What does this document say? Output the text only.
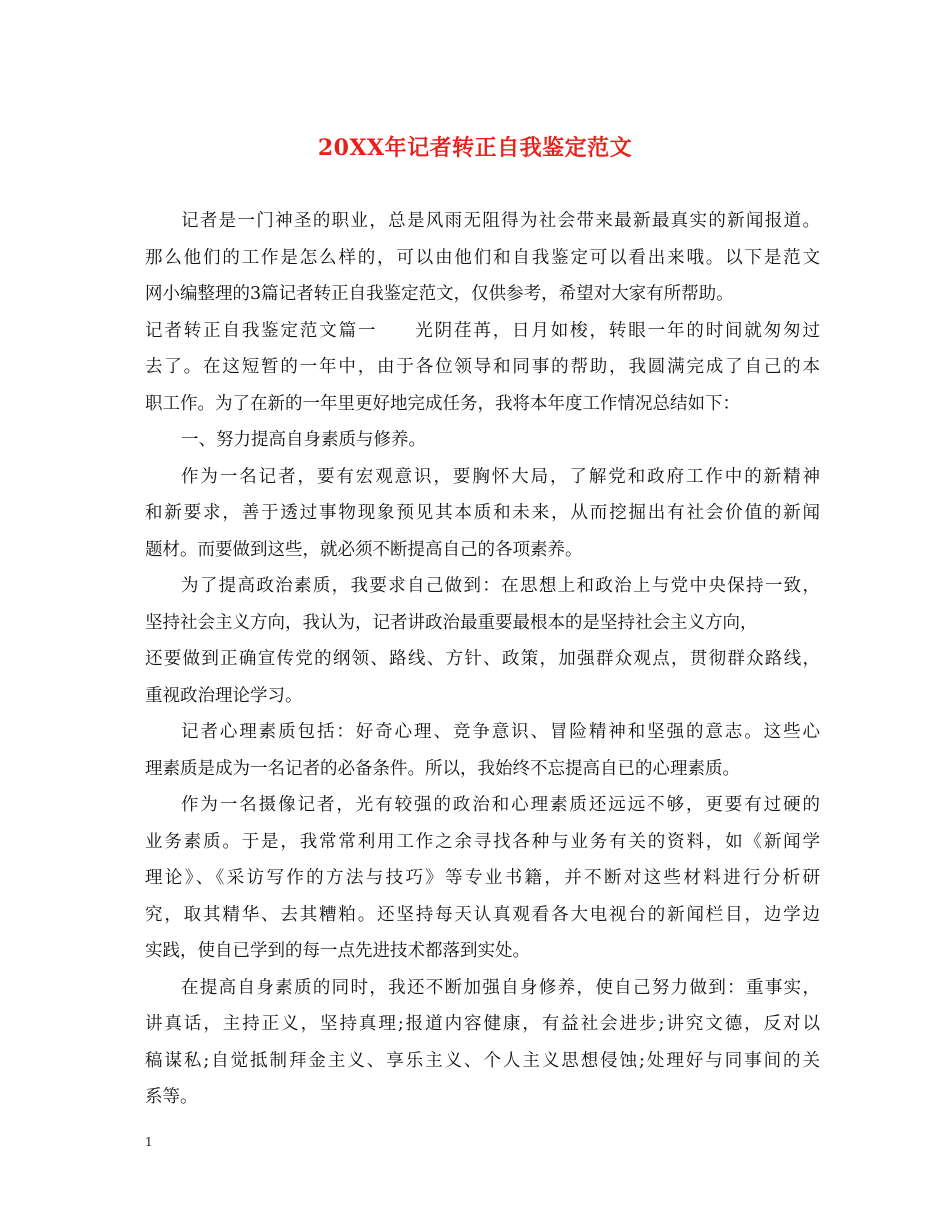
20XX年记者转正自我鉴定范文
记者是一门神圣的职业，总是风雨无阻得为社会带来最新最真实的新闻报道。
那么他们的工作是怎么样的，可以由他们和自我鉴定可以看出来哦。以下是范文
网小编整理的3篇记者转正自我鉴定范文，仅供参考，希望对大家有所帮助。
记者转正自我鉴定范文篇一 光阴荏苒，日月如梭，转眼一年的时间就匆匆过
去了。在这短暂的一年中，由于各位领导和同事的帮助，我圆满完成了自己的本
职工作。为了在新的一年里更好地完成任务，我将本年度工作情况总结如下：
一、努力提高自身素质与修养。
作为一名记者，要有宏观意识，要胸怀大局，了解党和政府工作中的新精神
和新要求，善于透过事物现象预见其本质和未来，从而挖掘出有社会价值的新闻
题材。而要做到这些，就必须不断提高自己的各项素养。
为了提高政治素质，我要求自己做到：在思想上和政治上与党中央保持一致，
坚持社会主义方向，我认为，记者讲政治最重要最根本的是坚持社会主义方向，
还要做到正确宣传党的纲领、路线、方针、政策，加强群众观点，贯彻群众路线，
重视政治理论学习。
记者心理素质包括：好奇心理、竞争意识、冒险精神和坚强的意志。这些心
理素质是成为一名记者的必备条件。所以，我始终不忘提高自已的心理素质。
作为一名摄像记者，光有较强的政治和心理素质还远远不够，更要有过硬的
业务素质。于是，我常常利用工作之余寻找各种与业务有关的资料，如《新闻学
理论》、《采访写作的方法与技巧》等专业书籍，并不断对这些材料进行分析研
究，取其精华、去其糟粕。还坚持每天认真观看各大电视台的新闻栏目，边学边
实践，使自已学到的每一点先进技术都落到实处。
在提高自身素质的同时，我还不断加强自身修养，使自己努力做到：重事实，
讲真话，主持正义，坚持真理;报道内容健康，有益社会进步;讲究文德，反对以
稿谋私;自觉抵制拜金主义、享乐主义、个人主义思想侵蚀;处理好与同事间的关
系等。
1
